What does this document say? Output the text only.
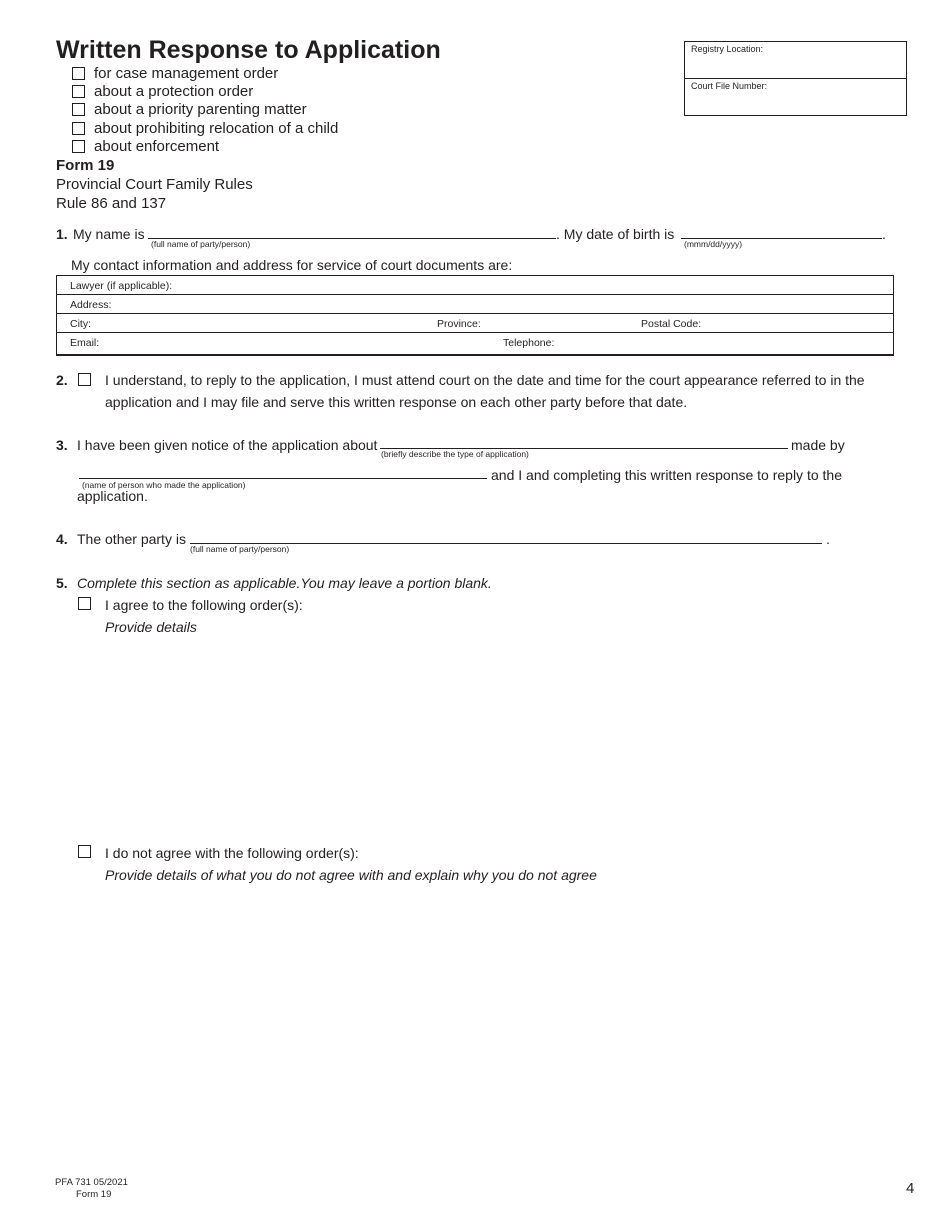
Written Response to Application
for case management order
about a protection order
about a priority parenting matter
about prohibiting relocation of a child
about enforcement
Form 19
Provincial Court Family Rules
Rule 86 and 137
Registry Location:
Court File Number:
1. My name is
(full name of party/person)
. My date of birth is
(mmm/dd/yyyy)
.
My contact information and address for service of court documents are:
Lawyer (if applicable):
Address:
City:	Province:	Postal Code:
Email:	Telephone:
2.	I understand, to reply to the application, I must attend court on the date and time for the court appearance referred to in the
application and I may file and serve this written response on each other party before that date.
3. I have been given notice of the application about
(briefly describe the type of application)
made by
(name of person who made the application)
and I and completing this written response to reply to the
application.
4. The other party is
(full name of party/person)
.
5. Complete this section as applicable.You may leave a portion blank.
I agree to the following order(s):
Provide details
I do not agree with the following order(s):
Provide details of what you do not agree with and explain why you do not agree
PFA 731 05/2021
Form 19	4
